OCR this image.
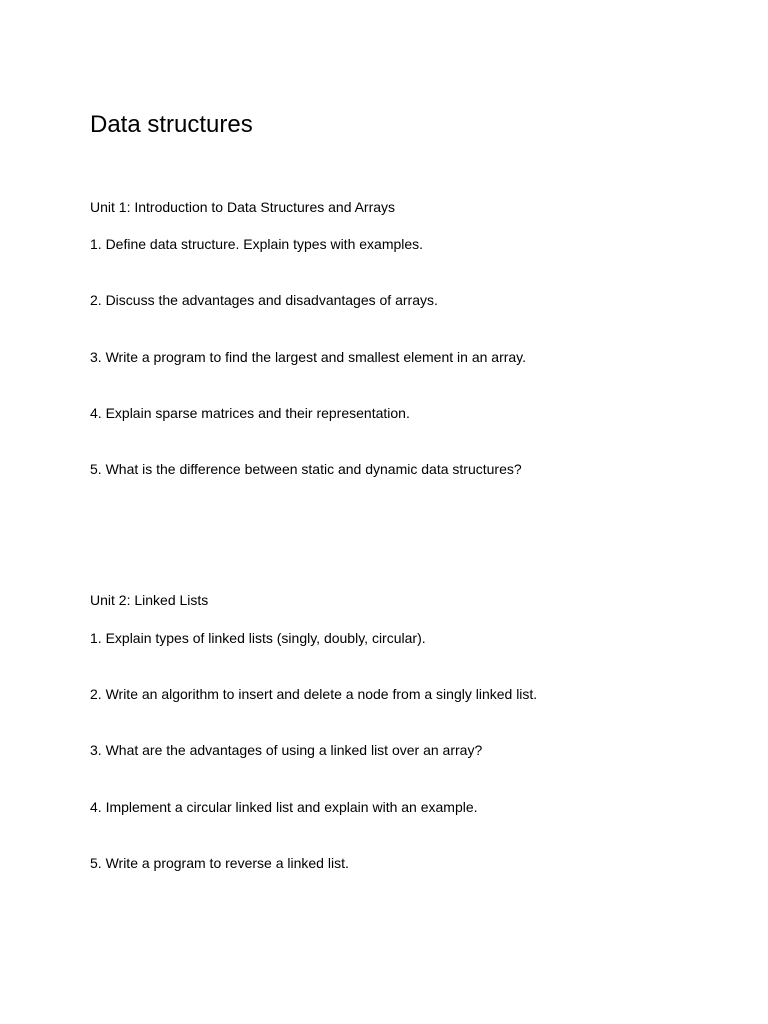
Data structures

Unit 1: Introduction to Data Structures and Arrays

1. Define data structure. Explain types with examples.

2. Discuss the advantages and disadvantages of arrays.

3. Write a program to find the largest and smallest element in an array.

4. Explain sparse matrices and their representation.

5. What is the difference between static and dynamic data structures?

Unit 2: Linked Lists

1. Explain types of linked lists (singly, doubly, circular).

2. Write an algorithm to insert and delete a node from a singly linked list.

3. What are the advantages of using a linked list over an array?

4. Implement a circular linked list and explain with an example.

5. Write a program to reverse a linked list.
